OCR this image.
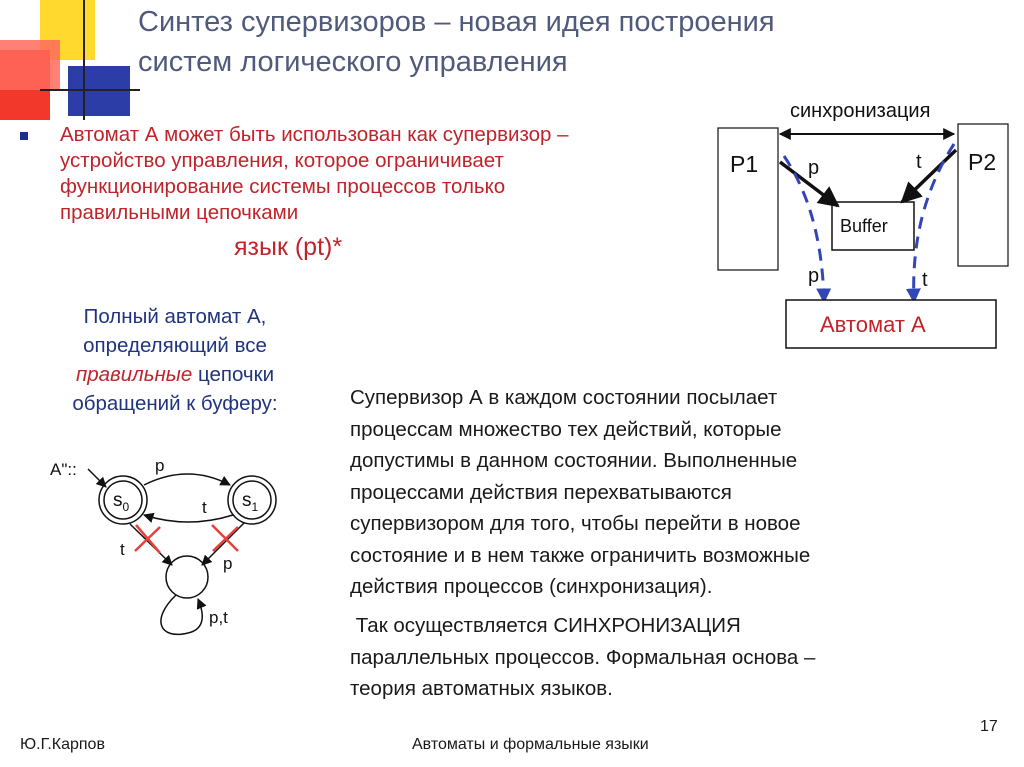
Синтез супервизоров – новая идея построения
систем логического управления

Автомат А может быть использован как супервизор –
устройство управления, которое ограничивает
функционирование системы процессов только
правильными цепочками

язык (pt)*

Полный автомат А,
определяющий все
правильные цепочки
обращений к буферу:

А"::
$s_0$	$s_1$
p
t
t
p
p,t
синхронизация
P1	P2
Buffer
p	t
p	t
Автомат А

Супервизор А в каждом состоянии посылает
процессам множество тех действий, которые
допустимы в данном состоянии. Выполненные
процессами действия перехватываются
супервизором для того, чтобы перейти в новое
состояние и в нем также ограничить возможные
действия процессов (синхронизация).

Так осуществляется СИНХРОНИЗАЦИЯ
параллельных процессов. Формальная основа –
теория автоматных языков.

Ю.Г.Карпов	Автоматы и формальные языки
17
